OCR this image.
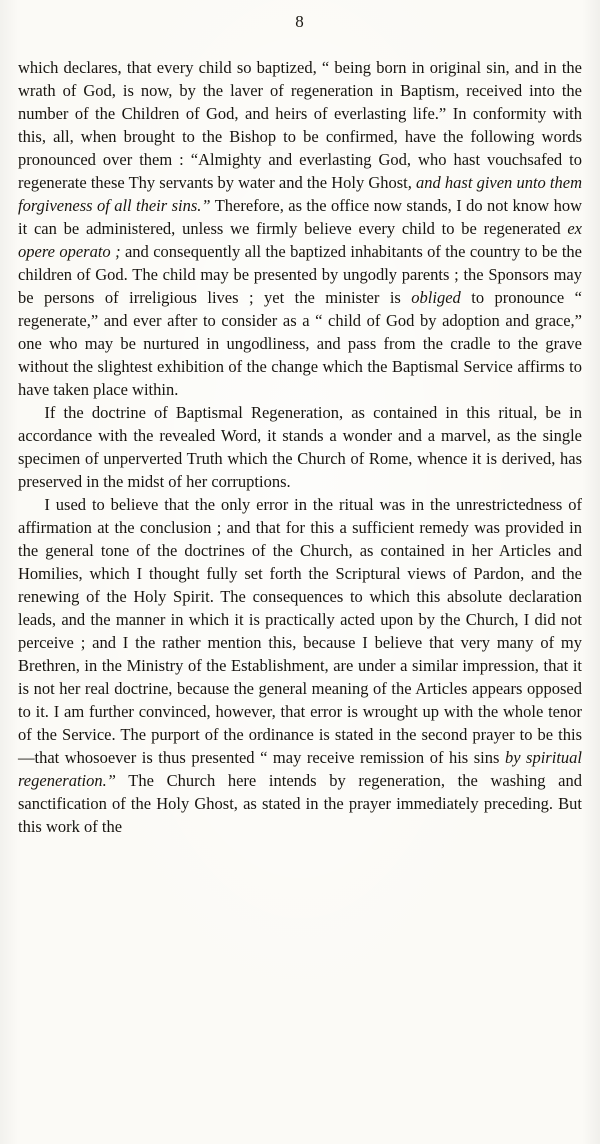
8

which declares, that every child so baptized, “ being born in original sin, and in the wrath of God, is now, by the laver of regeneration in Baptism, received into the number of the Children of God, and heirs of everlasting life.” In conformity with this, all, when brought to the Bishop to be confirmed, have the following words pronounced over them : “Almighty and everlasting God, who hast vouchsafed to regenerate these Thy servants by water and the Holy Ghost, and hast given unto them forgiveness of all their sins.” Therefore, as the office now stands, I do not know how it can be administered, unless we firmly believe every child to be regenerated ex opere operato ; and consequently all the baptized inhabitants of the country to be the children of God. The child may be presented by ungodly parents ; the Sponsors may be persons of irreligious lives ; yet the minister is obliged to pronounce “ regenerate,” and ever after to consider as a “ child of God by adoption and grace,” one who may be nurtured in ungodliness, and pass from the cradle to the grave without the slightest exhibition of the change which the Baptismal Service affirms to have taken place within.

If the doctrine of Baptismal Regeneration, as contained in this ritual, be in accordance with the revealed Word, it stands a wonder and a marvel, as the single specimen of unperverted Truth which the Church of Rome, whence it is derived, has preserved in the midst of her corruptions.

I used to believe that the only error in the ritual was in the unrestrictedness of affirmation at the conclusion ; and that for this a sufficient remedy was provided in the general tone of the doctrines of the Church, as contained in her Articles and Homilies, which I thought fully set forth the Scriptural views of Pardon, and the renewing of the Holy Spirit. The consequences to which this absolute declaration leads, and the manner in which it is practically acted upon by the Church, I did not perceive ; and I the rather mention this, because I believe that very many of my Brethren, in the Ministry of the Establishment, are under a similar impression, that it is not her real doctrine, because the general meaning of the Articles appears opposed to it. I am further convinced, however, that error is wrought up with the whole tenor of the Service. The purport of the ordinance is stated in the second prayer to be this—that whosoever is thus presented “ may receive remission of his sins by spiritual regeneration.” The Church here intends by regeneration, the washing and sanctification of the Holy Ghost, as stated in the prayer immediately preceding. But this work of the
